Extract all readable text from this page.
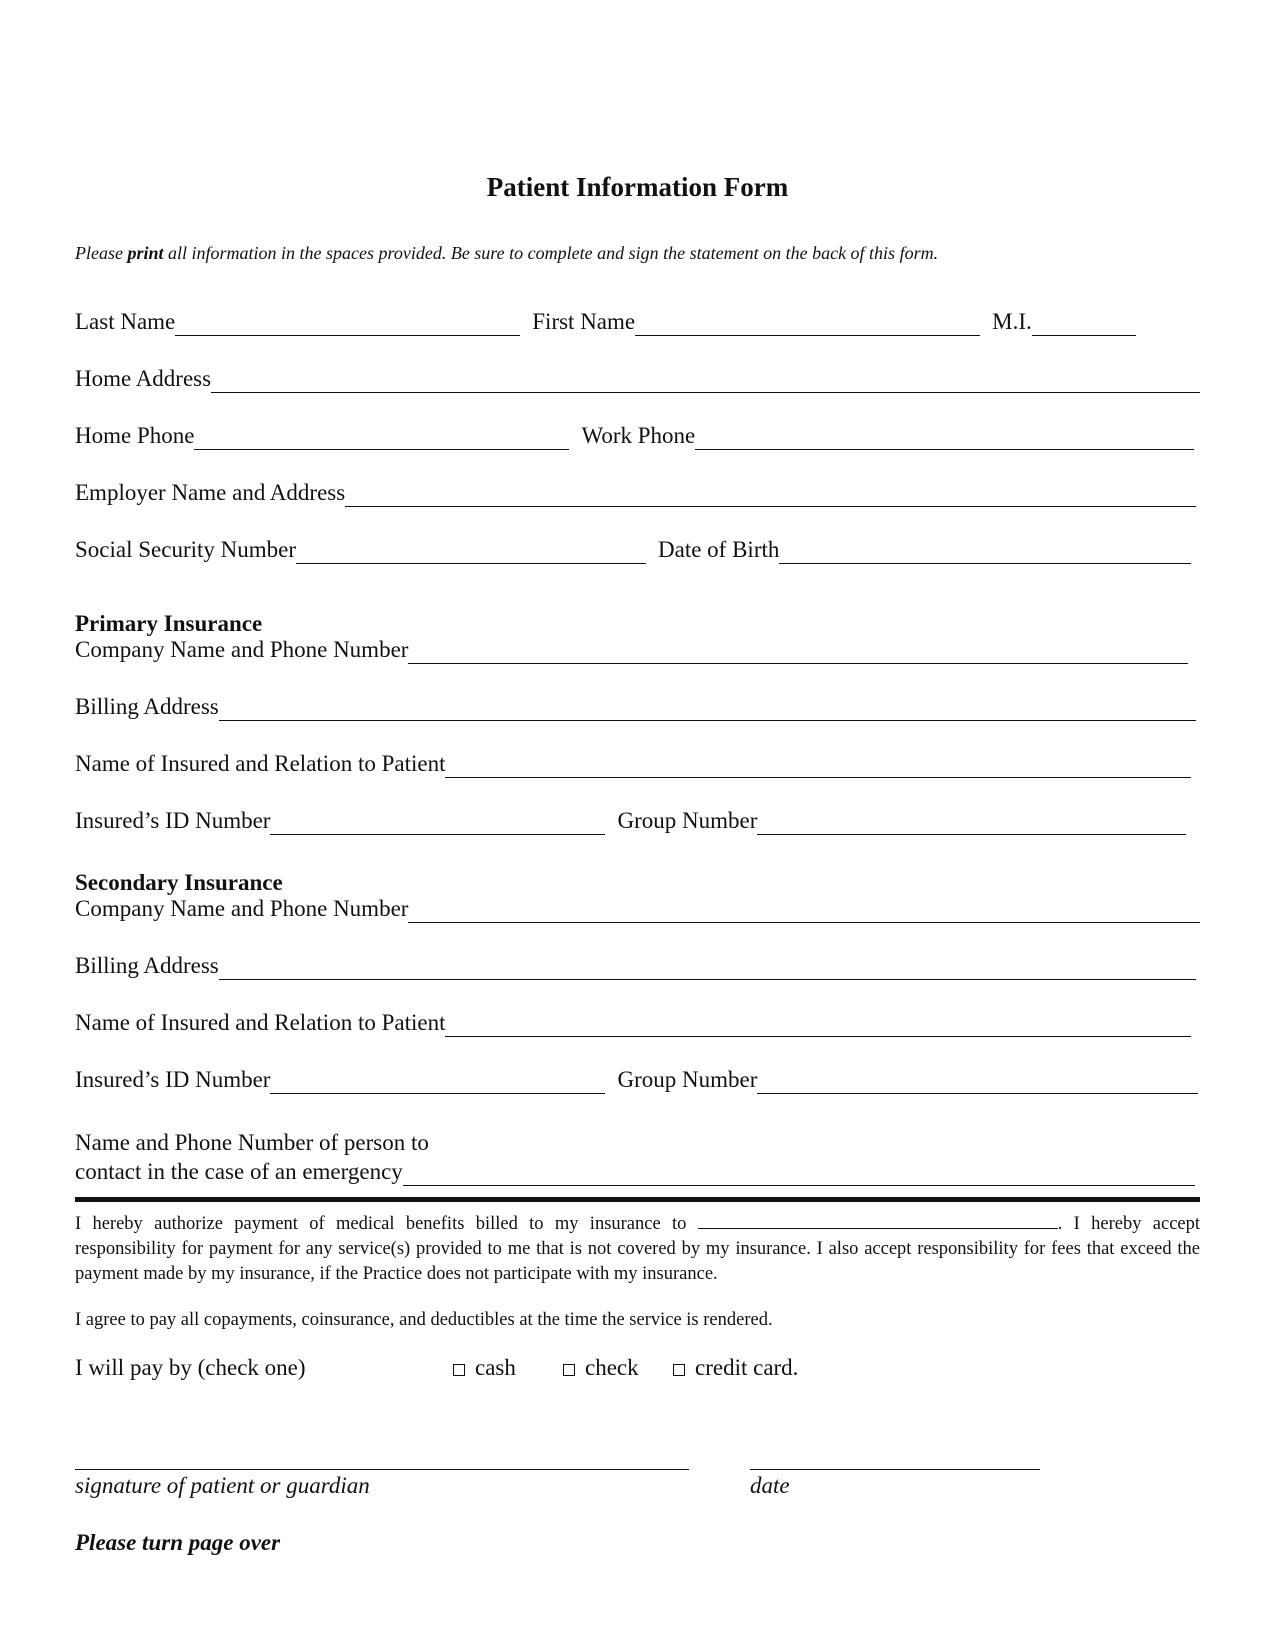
Patient Information Form
Please print all information in the spaces provided. Be sure to complete and sign the statement on the back of this form.
Last Name	First Name	M.I.
Home Address
Home Phone	Work Phone
Employer Name and Address
Social Security Number	Date of Birth
Primary Insurance
Company Name and Phone Number
Billing Address
Name of Insured and Relation to Patient
Insured’s ID Number	Group Number
Secondary Insurance
Company Name and Phone Number
Billing Address
Name of Insured and Relation to Patient
Insured’s ID Number	Group Number
Name and Phone Number of person to
contact in the case of an emergency
I hereby authorize payment of medical benefits billed to my insurance to	. I hereby accept responsibility for payment for any service(s) provided to me that is not covered by my insurance. I also accept responsibility for fees that exceed the payment made by my insurance, if the Practice does not participate with my insurance.
I agree to pay all copayments, coinsurance, and deductibles at the time the service is rendered.
I will pay by (check one)	cash	check credit card.
signature of patient or guardian	date
Please turn page over
